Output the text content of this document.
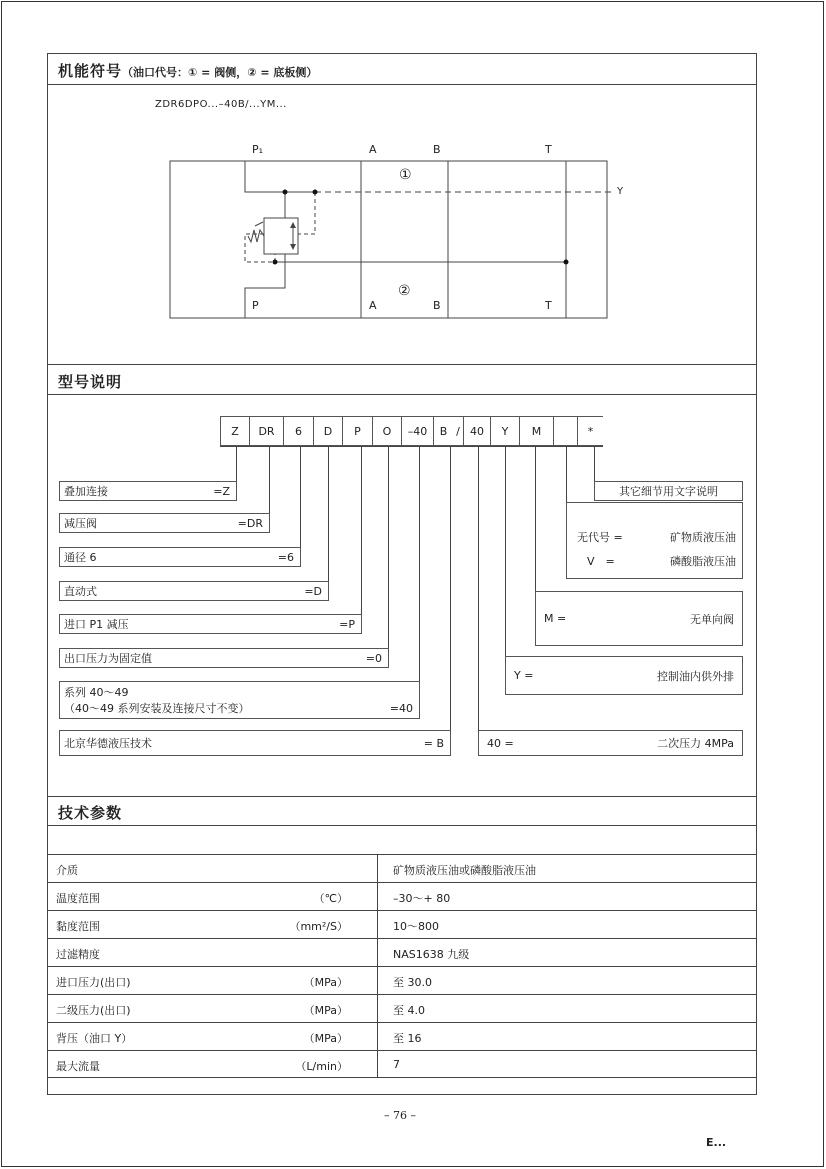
机能符号（油口代号：① = 阀侧，② = 底板侧）
ZDR6DPO...–40B/...YM...
P₁	A	B	T
①
Y
②
P	A	B	T
型号说明
Z	DR	6	D	P	O	–40	B / 40	Y	M	*
叠加连接	=Z
减压阀	=DR
通径 6	=6
直动式	=D
进口 P1 减压	=P
出口压力为固定值	=0
系列 40～49
（40～49 系列安装及连接尺寸不变）	=40
北京华德液压技术	= B
其它细节用文字说明
无代号 =	矿物质液压油
V　=	磷酸脂液压油
M =	无单向阀
Y =	控制油内供外排
40 =	二次压力 4MPa
技术参数
介质	矿物质液压油或磷酸脂液压油
温度范围	（℃）	–30～+ 80
黏度范围	（mm²/S）	10～800
过滤精度	NAS1638 九级
进口压力(出口)	（MPa）	至 30.0
二级压力(出口)	（MPa）	至 4.0
背压（油口 Y）	（MPa）	至 16
最大流量	（L/min）	7
– 76 –
E...
